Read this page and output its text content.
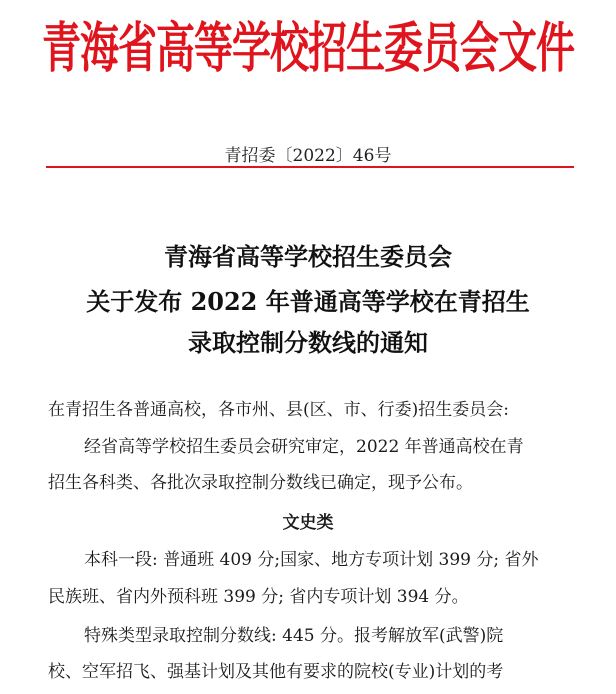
青海省高等学校招生委员会文件
青招委〔2022〕46号
青海省高等学校招生委员会
关于发布 2022 年普通高等学校在青招生
录取控制分数线的通知
在青招生各普通高校，各市州、县(区、市、行委)招生委员会:
经省高等学校招生委员会研究审定，2022 年普通高校在青
招生各科类、各批次录取控制分数线已确定，现予公布。
文史类
本科一段: 普通班 409 分;国家、地方专项计划 399 分; 省外
民族班、省内外预科班 399 分; 省内专项计划 394 分。
特殊类型录取控制分数线: 445 分。报考解放军(武警)院
校、空军招飞、强基计划及其他有要求的院校(专业)计划的考
